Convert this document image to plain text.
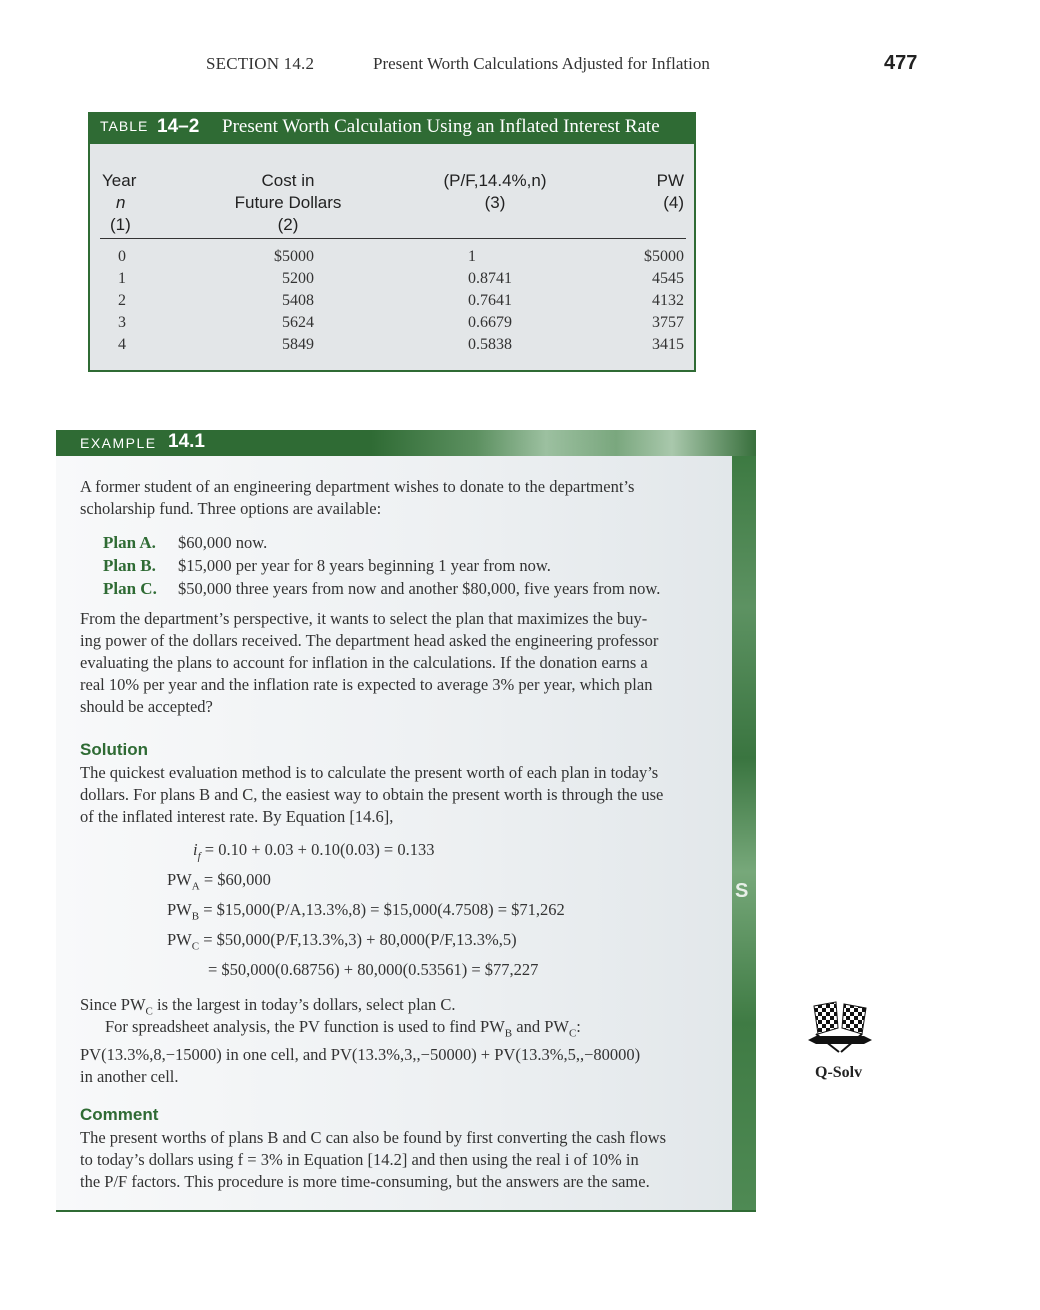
SECTION 14.2	Present Worth Calculations Adjusted for Inflation	477
TABLE 14–2 Present Worth Calculation Using an Inflated Interest Rate
Year
n
(1)
Cost in
Future Dollars
(2)
(P/F,14.4%,n)
(3)
PW
(4)
0
1
2
3
4
$5000
5200
5408
5624
5849
1
0.8741
0.7641
0.6679
0.5838
$5000
4545
4132
3757
3415
EXAMPLE 14.1
S
A former student of an engineering department wishes to donate to the department’s
scholarship fund. Three options are available:
Plan A. $60,000 now.
Plan B. $15,000 per year for 8 years beginning 1 year from now.
Plan C. $50,000 three years from now and another $80,000, five years from now.
From the department’s perspective, it wants to select the plan that maximizes the buy-
ing power of the dollars received. The department head asked the engineering professor
evaluating the plans to account for inflation in the calculations. If the donation earns a
real 10% per year and the inflation rate is expected to average 3% per year, which plan
should be accepted?
Solution
The quickest evaluation method is to calculate the present worth of each plan in today’s
dollars. For plans B and C, the easiest way to obtain the present worth is through the use
of the inflated interest rate. By Equation [14.6],
$i_f = 0.10 + 0.03 + 0.10(0.03) = 0.133$
$PW_A$ = $60,000
$PW_B$ = $15,000(P/A,13.3%,8) = $15,000(4.7508) = $71,262
$PW_C$ = $50,000(P/F,13.3%,3) + 80,000(P/F,13.3%,5)
= $50,000(0.68756) + 80,000(0.53561) = $77,227
Since $PW_C$ is the largest in today’s dollars, select plan C.
For spreadsheet analysis, the PV function is used to find $PW_B$ and $PW_C$:
PV(13.3%,8,−15000) in one cell, and PV(13.3%,3,,−50000) + PV(13.3%,5,,−80000)
in another cell.
Comment
The present worths of plans B and C can also be found by first converting the cash flows
to today’s dollars using f = 3% in Equation [14.2] and then using the real i of 10% in
the P/F factors. This procedure is more time-consuming, but the answers are the same.
Q-Solv
